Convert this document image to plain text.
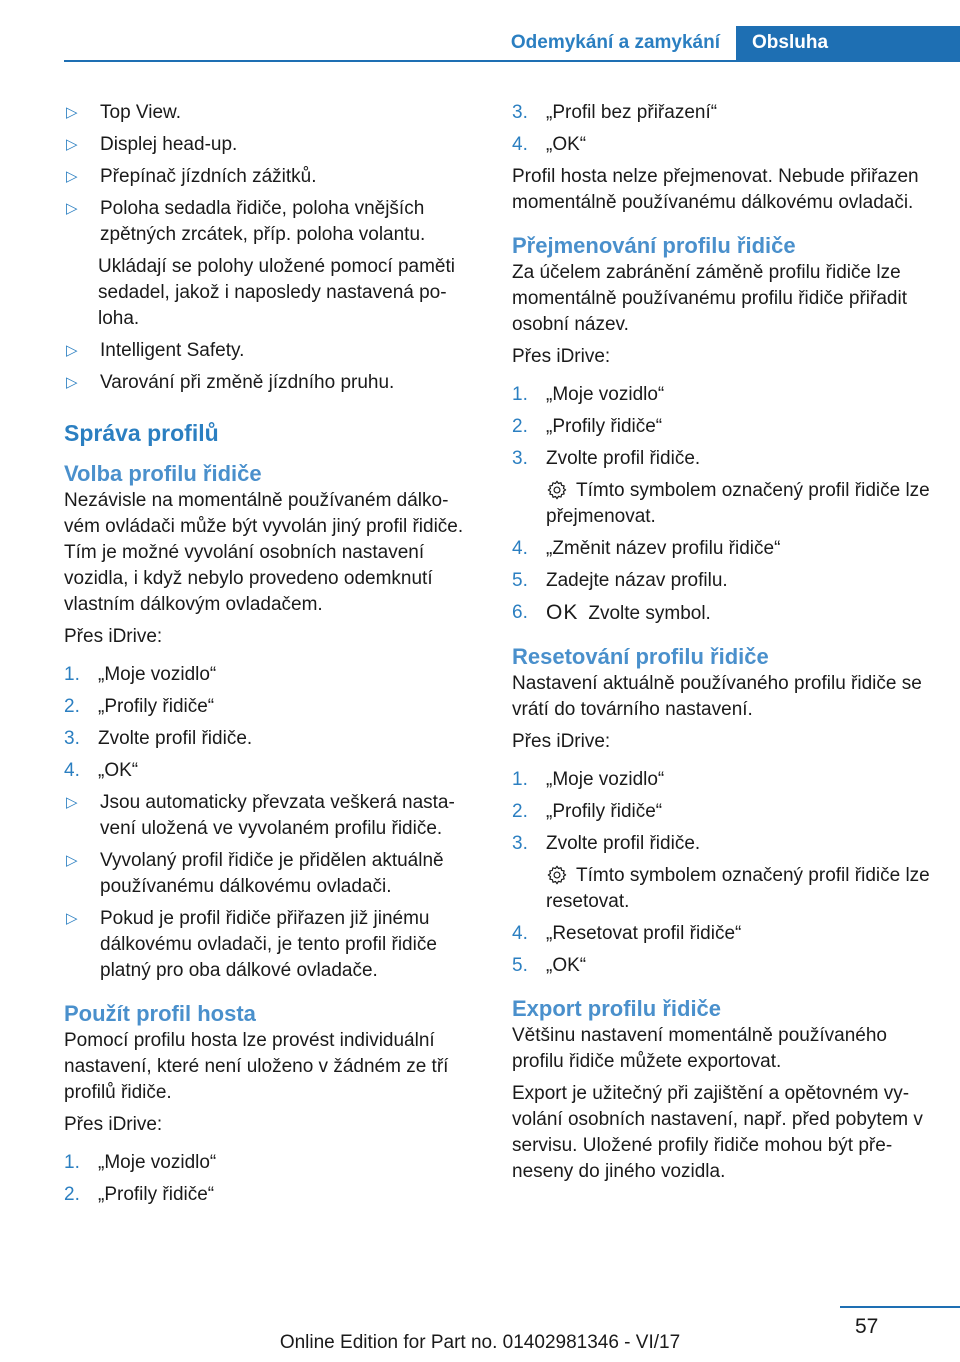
Odemykání a zamykání	Obsluha
▷	Top View.
▷	Displej head-up.
▷	Přepínač jízdních zážitků.
▷	Poloha sedadla řidiče, poloha vnějších zpětných zrcátek, příp. poloha volantu.
Ukládají se polohy uložené pomocí paměti sedadel, jakož i naposledy nastavená poloha.
▷	Intelligent Safety.
▷	Varování při změně jízdního pruhu.
Správa profilů
Volba profilu řidiče

Nezávisle na momentálně používaném dálkovém ovládači může být vyvolán jiný profil řidiče. Tím je možné vyvolání osobních nastavení vozidla, i když nebylo provedeno odemknutí vlastním dálkovým ovladačem.

Přes iDrive:

1. „Moje vozidlo“
2. „Profily řidiče“
3. Zvolte profil řidiče.
4. „OK“
▷	Jsou automaticky převzata veškerá nastavení uložená ve vyvolaném profilu řidiče.
▷	Vyvolaný profil řidiče je přidělen aktuálně používanému dálkovému ovladači.
▷	Pokud je profil řidiče přiřazen již jinému dálkovému ovladači, je tento profil řidiče platný pro oba dálkové ovladače.
Použít profil hosta

Pomocí profilu hosta lze provést individuální nastavení, které není uloženo v žádném ze tří profilů řidiče.

Přes iDrive:

1. „Moje vozidlo“
2. „Profily řidiče“
3. „Profil bez přiřazení“
4. „OK“

Profil hosta nelze přejmenovat. Nebude přiřazen momentálně používanému dálkovému ovladači.

Přejmenování profilu řidiče

Za účelem zabránění záměně profilu řidiče lze momentálně používanému profilu řidiče přiřadit osobní název.

Přes iDrive:

1. „Moje vozidlo“
2. „Profily řidiče“
3. Zvolte profil řidiče.
Tímto symbolem označený profil řidiče lze přejmenovat.
4. „Změnit název profilu řidiče“
5. Zadejte názav profilu.
6. OK Zvolte symbol.
Resetování profilu řidiče

Nastavení aktuálně používaného profilu řidiče se vrátí do továrního nastavení.

Přes iDrive:

1. „Moje vozidlo“
2. „Profily řidiče“
3. Zvolte profil řidiče.
Tímto symbolem označený profil řidiče lze resetovat.
4. „Resetovat profil řidiče“
5. „OK“
Export profilu řidiče

Většinu nastavení momentálně používaného profilu řidiče můžete exportovat.

Export je užitečný při zajištění a opětovném vyvolání osobních nastavení, např. před pobytem v servisu. Uložené profily řidiče mohou být přeneseny do jiného vozidla.

57
Online Edition for Part no. 01402981346 - VI/17
